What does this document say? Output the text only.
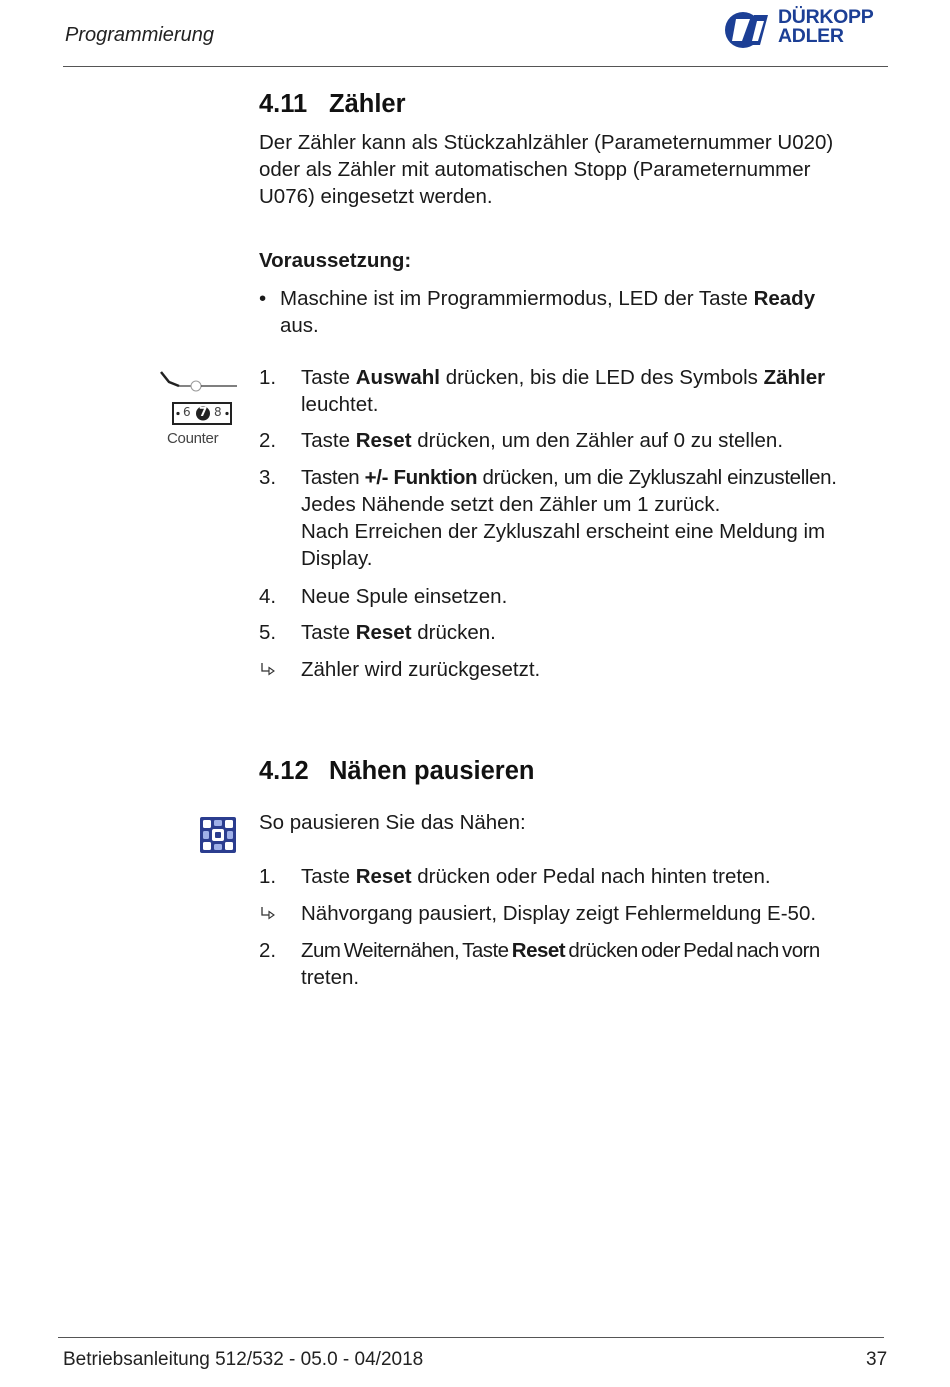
Programmierung
DÜRKOPP
ADLER
4.11 Zähler
Der Zähler kann als Stückzahlzähler (Parameternummer U020)
oder als Zähler mit automatischen Stopp (Parameternummer
U076) eingesetzt werden.
Voraussetzung:
• Maschine ist im Programmiermodus, LED der Taste Ready
aus.
6 7 8
Counter
1. Taste Auswahl drücken, bis die LED des Symbols Zähler
leuchtet.
2. Taste Reset drücken, um den Zähler auf 0 zu stellen.
3. Tasten +/- Funktion drücken, um die Zykluszahl einzustellen.
Jedes Nähende setzt den Zähler um 1 zurück.
Nach Erreichen der Zykluszahl erscheint eine Meldung im
Display.
4. Neue Spule einsetzen.
5. Taste Reset drücken.
Zähler wird zurückgesetzt.
4.12 Nähen pausieren
So pausieren Sie das Nähen:
1. Taste Reset drücken oder Pedal nach hinten treten.
Nähvorgang pausiert, Display zeigt Fehlermeldung E-50.
2. Zum Weiternähen, Taste Reset drücken oder Pedal nach vorn
treten.
Betriebsanleitung 512/532 - 05.0 - 04/2018	37
